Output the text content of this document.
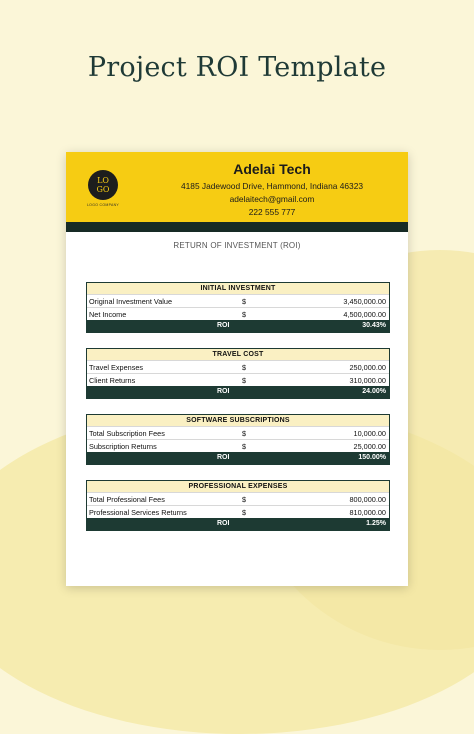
Project ROI Template
LO
GO
LOGO COMPANY
Adelai Tech
4185 Jadewood Drive, Hammond, Indiana 46323
adelaitech@gmail.com
222 555 777
RETURN OF INVESTMENT (ROI)
INITIAL INVESTMENT
Original Investment Value	$	3,450,000.00
Net Income	$	4,500,000.00
ROI	30.43%
TRAVEL COST
Travel Expenses	$	250,000.00
Client Returns	$	310,000.00
ROI	24.00%
SOFTWARE SUBSCRIPTIONS
Total Subscription Fees	$	10,000.00
Subscription Returns	$	25,000.00
ROI	150.00%
PROFESSIONAL EXPENSES
Total Professional Fees	$	800,000.00
Professional Services Returns	$	810,000.00
ROI	1.25%
